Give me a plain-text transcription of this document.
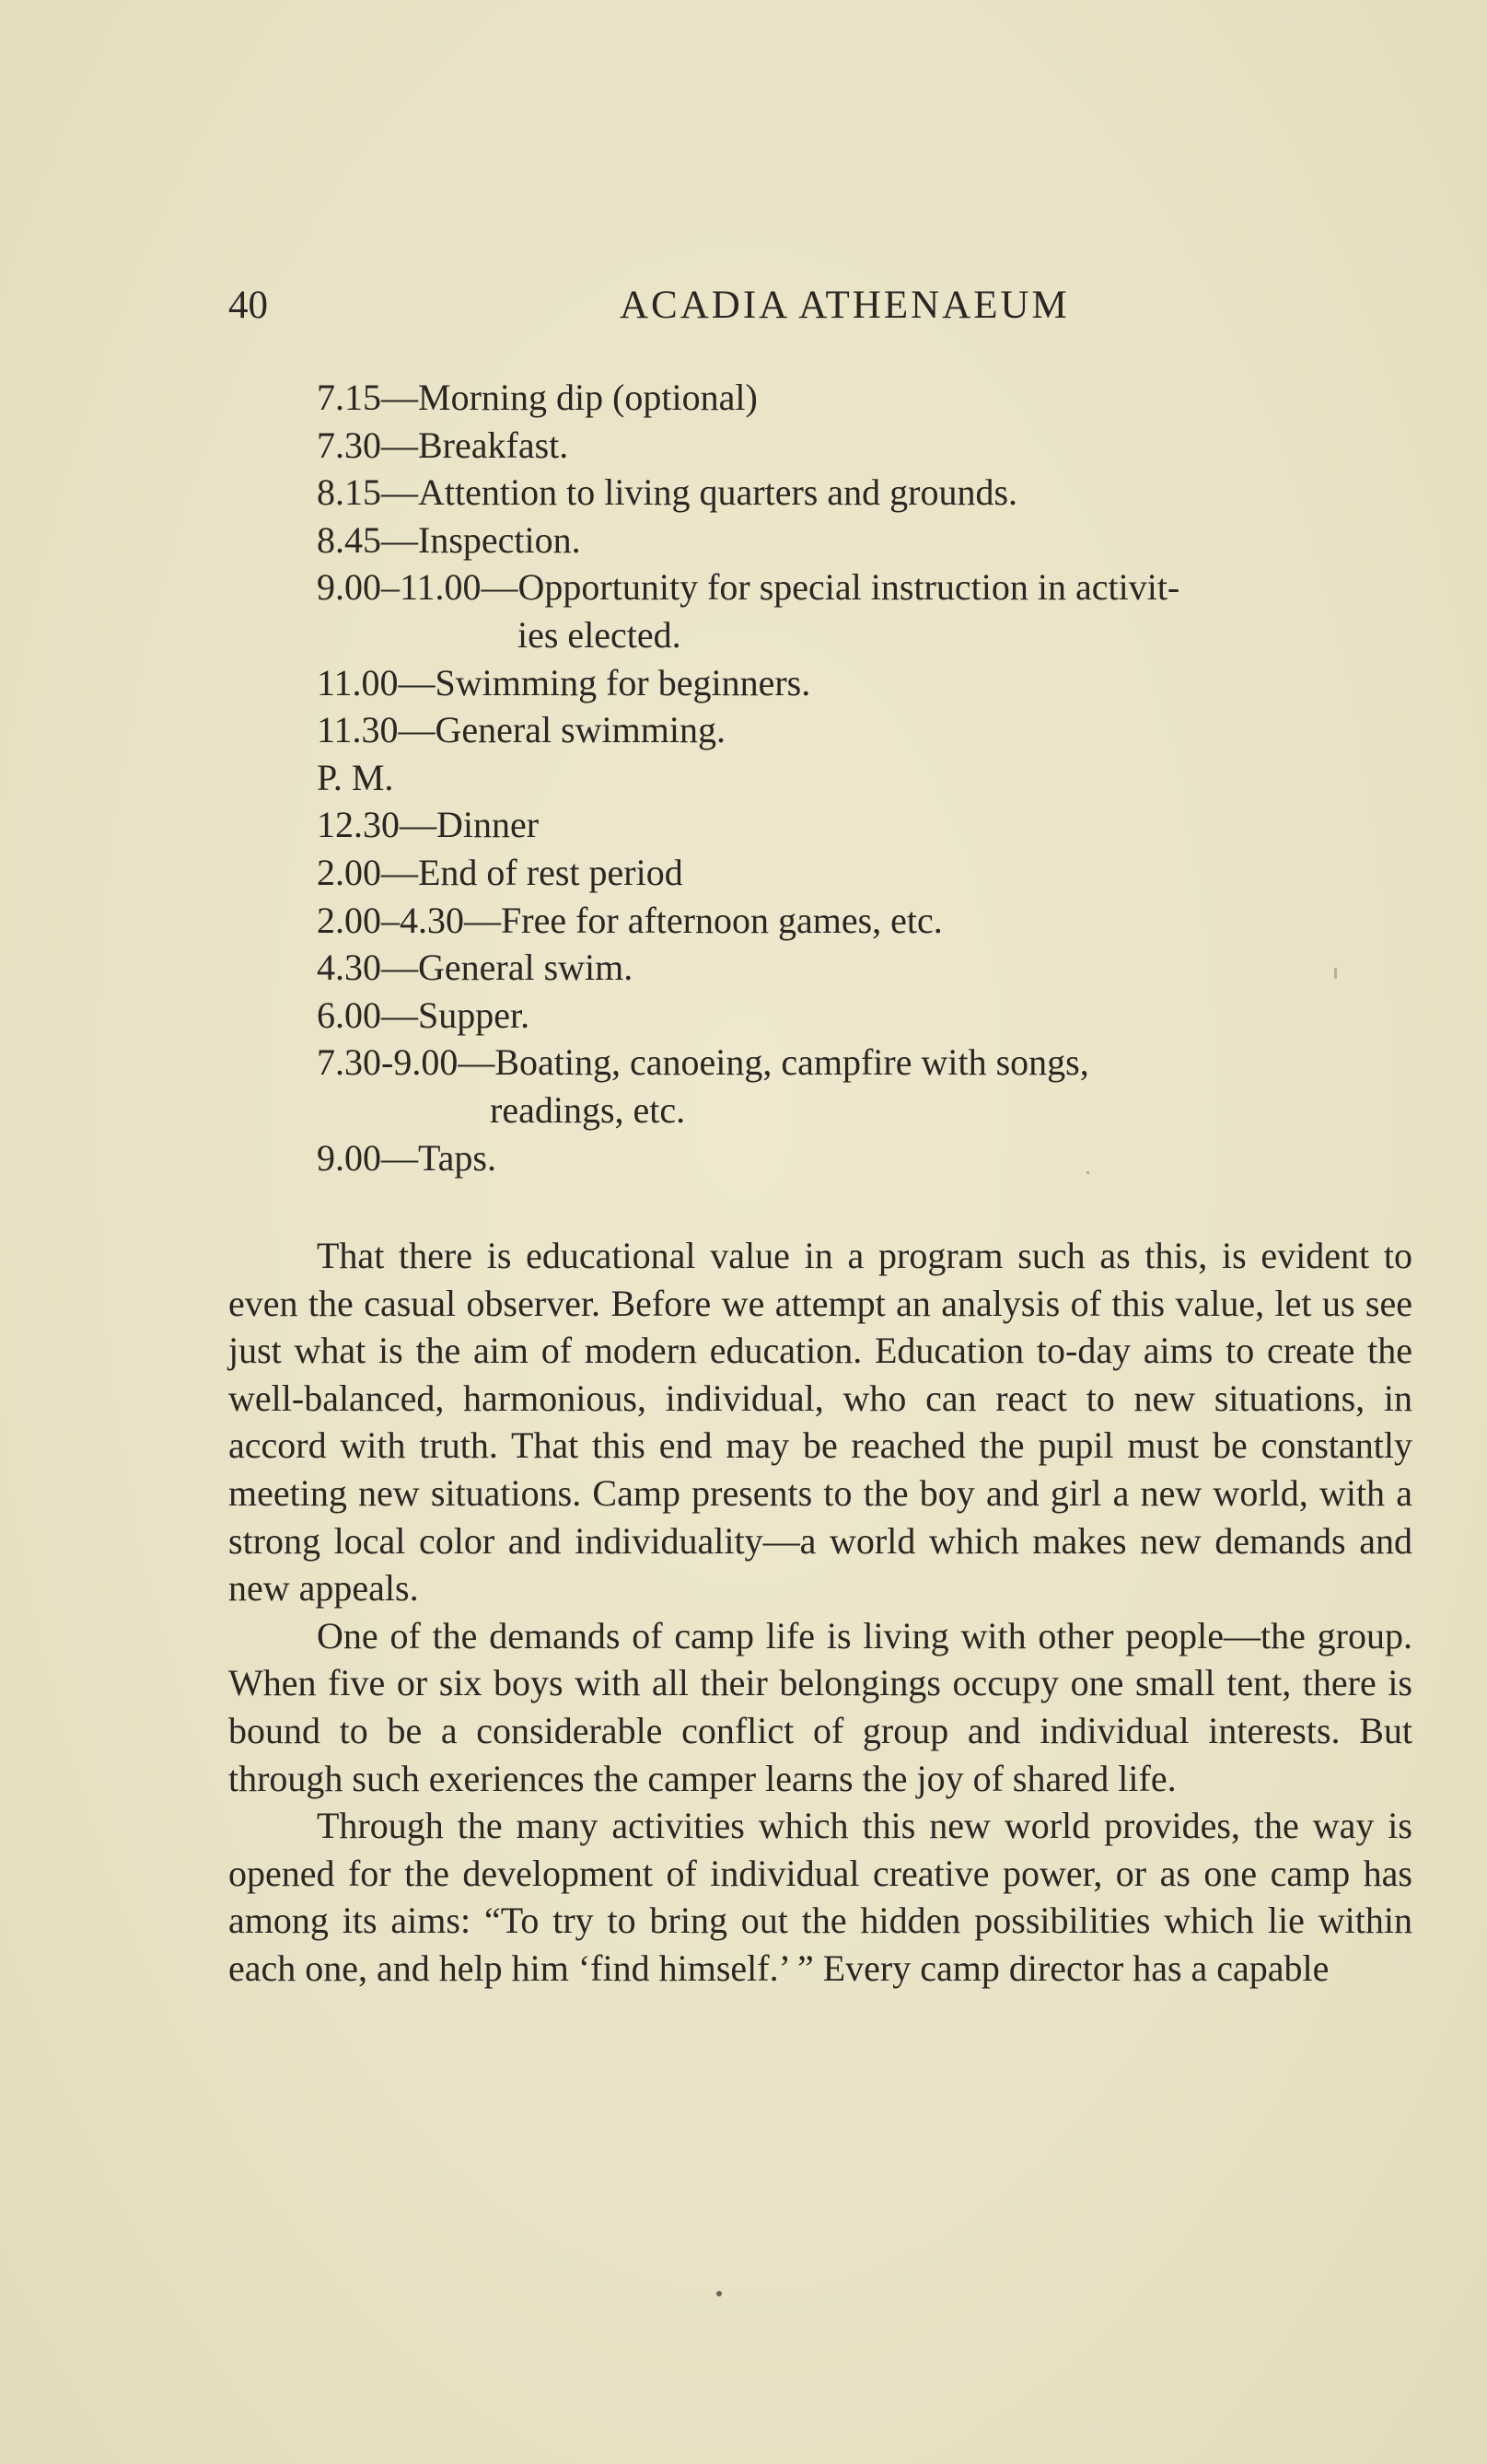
40	ACADIA ATHENAEUM
7.15—Morning dip (optional)
7.30—Breakfast.
8.15—Attention to living quarters and grounds.
8.45—Inspection.
9.00–11.00—Opportunity for special instruction in activit-
ies elected.
11.00—Swimming for beginners.
11.30—General swimming.
P. M.
12.30—Dinner
2.00—End of rest period
2.00–4.30—Free for afternoon games, etc.
4.30—General swim.
6.00—Supper.
7.30-9.00—Boating, canoeing, campfire with songs,
readings, etc.
9.00—Taps.

That there is educational value in a program such as this, is evident to even the casual observer. Before we attempt an analysis of this value, let us see just what is the aim of modern education. Education to-day aims to create the well-balanced, harmonious, individual, who can react to new situations, in accord with truth. That this end may be reached the pupil must be constantly meeting new situations. Camp presents to the boy and girl a new world, with a strong local color and individuality—a world which makes new demands and new appeals.

One of the demands of camp life is living with other people—the group. When five or six boys with all their belongings occupy one small tent, there is bound to be a considerable conflict of group and individual interests. But through such exeriences the camper learns the joy of shared life.

Through the many activities which this new world provides, the way is opened for the development of individual creative power, or as one camp has among its aims: “To try to bring out the hidden possibilities which lie within each one, and help him ‘find himself.’ ” Every camp director has a capable
